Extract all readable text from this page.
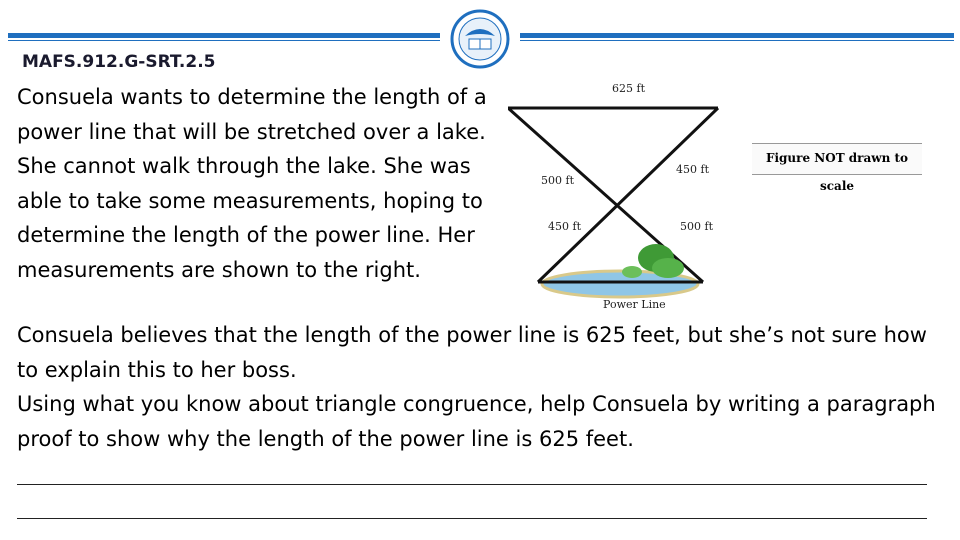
MAFS.912.G-SRT.2.5
Consuela wants to determine the length of a power line that will be stretched over a lake. She cannot walk through the lake. She was able to take some measurements, hoping to determine the length of the power line. Her measurements are shown to the right.
625 ft
500 ft
450 ft
450 ft	500 ft
Power Line
Figure NOT drawn to scale
Consuela believes that the length of the power line is 625 feet, but she’s not sure how to explain this to her boss.
Using what you know about triangle congruence, help Consuela by writing a paragraph proof to show why the length of the power line is 625 feet.
